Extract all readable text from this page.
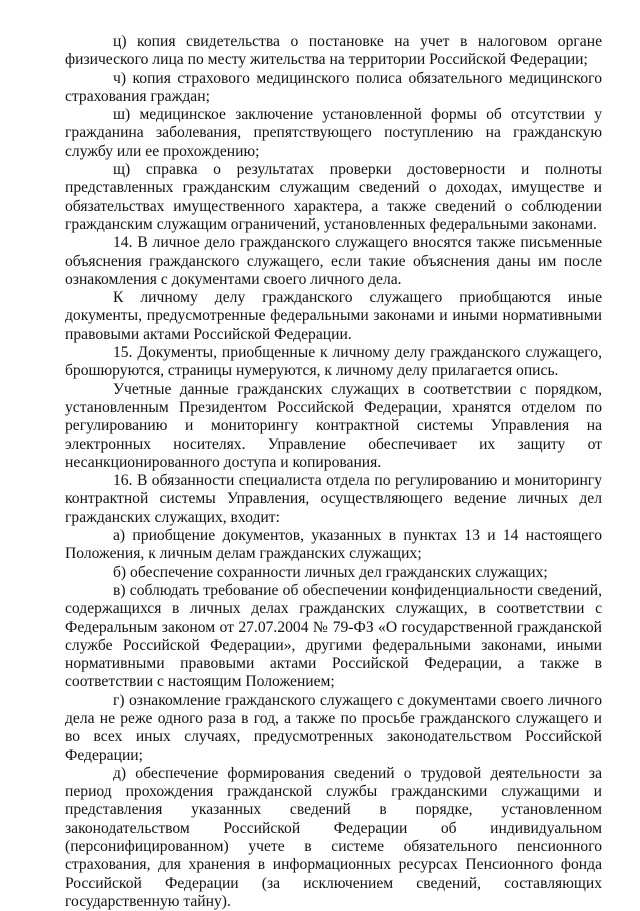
ц) копия свидетельства о постановке на учет в налоговом органе физического лица по месту жительства на территории Российской Федерации;

ч) копия страхового медицинского полиса обязательного медицинского страхования граждан;

ш) медицинское заключение установленной формы об отсутствии у гражданина заболевания, препятствующего поступлению на гражданскую службу или ее прохождению;

щ) справка о результатах проверки достоверности и полноты представленных гражданским служащим сведений о доходах, имуществе и обязательствах имущественного характера, а также сведений о соблюдении гражданским служащим ограничений, установленных федеральными законами.

14. В личное дело гражданского служащего вносятся также письменные объяснения гражданского служащего, если такие объяснения даны им после ознакомления с документами своего личного дела.

К личному делу гражданского служащего приобщаются иные документы, предусмотренные федеральными законами и иными нормативными правовыми актами Российской Федерации.

15. Документы, приобщенные к личному делу гражданского служащего, брошюруются, страницы нумеруются, к личному делу прилагается опись.

Учетные данные гражданских служащих в соответствии с порядком, установленным Президентом Российской Федерации, хранятся отделом по регулированию и мониторингу контрактной системы Управления на электронных носителях. Управление обеспечивает их защиту от несанкционированного доступа и копирования.

16. В обязанности специалиста отдела по регулированию и мониторингу контрактной системы Управления, осуществляющего ведение личных дел гражданских служащих, входит:

а) приобщение документов, указанных в пунктах 13 и 14 настоящего Положения, к личным делам гражданских служащих;

б) обеспечение сохранности личных дел гражданских служащих;

в) соблюдать требование об обеспечении конфиденциальности сведений, содержащихся в личных делах гражданских служащих, в соответствии с Федеральным законом от 27.07.2004 № 79-ФЗ «О государственной гражданской службе Российской Федерации», другими федеральными законами, иными нормативными правовыми актами Российской Федерации, а также в соответствии с настоящим Положением;

г) ознакомление гражданского служащего с документами своего личного дела не реже одного раза в год, а также по просьбе гражданского служащего и во всех иных случаях, предусмотренных законодательством Российской Федерации;

д) обеспечение формирования сведений о трудовой деятельности за период прохождения гражданской службы гражданскими служащими и представления указанных сведений в порядке, установленном законодательством Российской Федерации об индивидуальном (персонифицированном) учете в системе обязательного пенсионного страхования, для хранения в информационных ресурсах Пенсионного фонда Российской Федерации (за исключением сведений, составляющих государственную тайну).
